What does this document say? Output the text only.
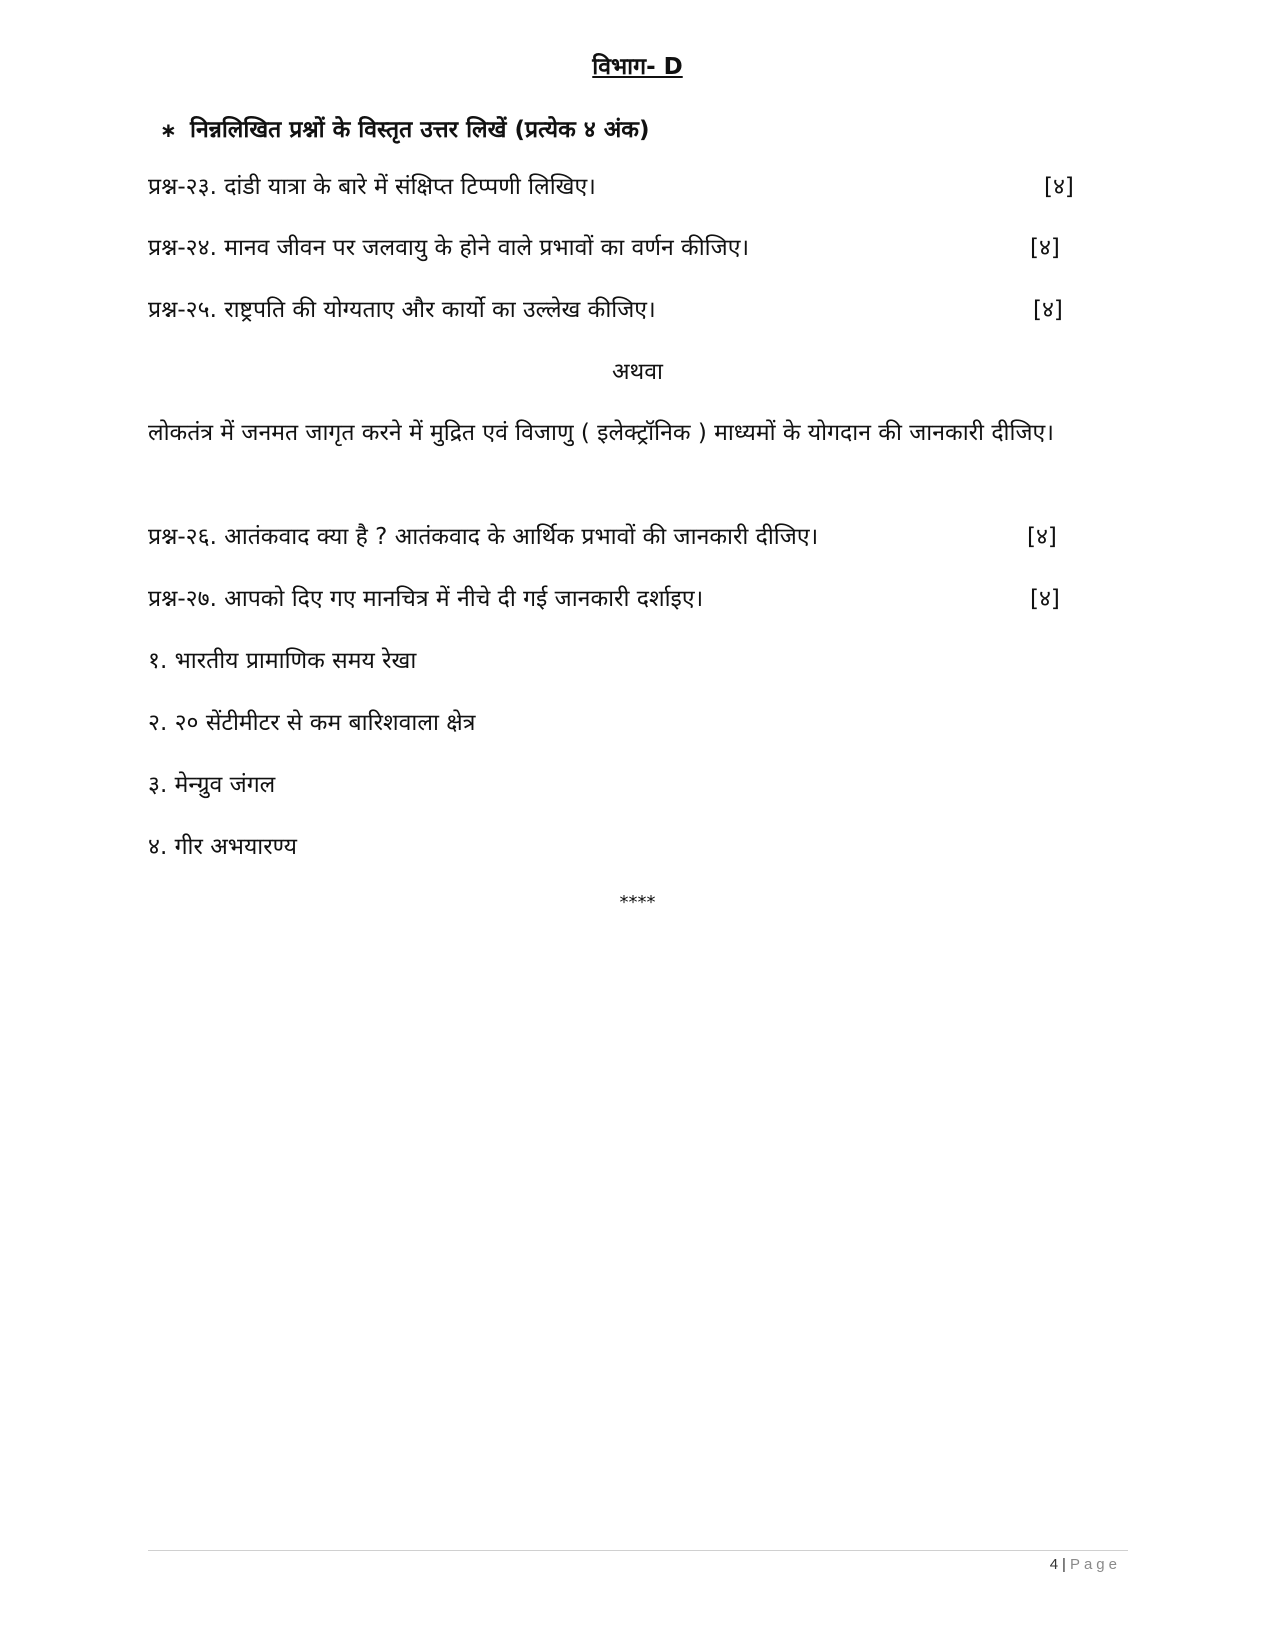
विभाग- D
∗ निन्नलिखित प्रश्नों के विस्तृत उत्तर लिखें (प्रत्येक ४ अंक)
प्रश्न-२३. दांडी यात्रा के बारे में संक्षिप्त टिप्पणी लिखिए।	[४]
प्रश्न-२४. मानव जीवन पर जलवायु के होने वाले प्रभावों का वर्णन कीजिए।	[४]
प्रश्न-२५. राष्ट्रपति की योग्यताए और कार्यो का उल्लेख कीजिए।	[४]
अथवा
लोकतंत्र में जनमत जागृत करने में मुद्रित एवं विजाणु ( इलेक्ट्रॉनिक ) माध्यमों के योगदान की जानकारी दीजिए।
प्रश्न-२६. आतंकवाद क्या है ? आतंकवाद के आर्थिक प्रभावों की जानकारी दीजिए।	[४]
प्रश्न-२७. आपको दिए गए मानचित्र में नीचे दी गई जानकारी दर्शाइए।	[४]
१. भारतीय प्रामाणिक समय रेखा
२. २० सेंटीमीटर से कम बारिशवाला क्षेत्र
३. मेन्ग्रुव जंगल
४. गीर अभयारण्य
****
4 | Page
